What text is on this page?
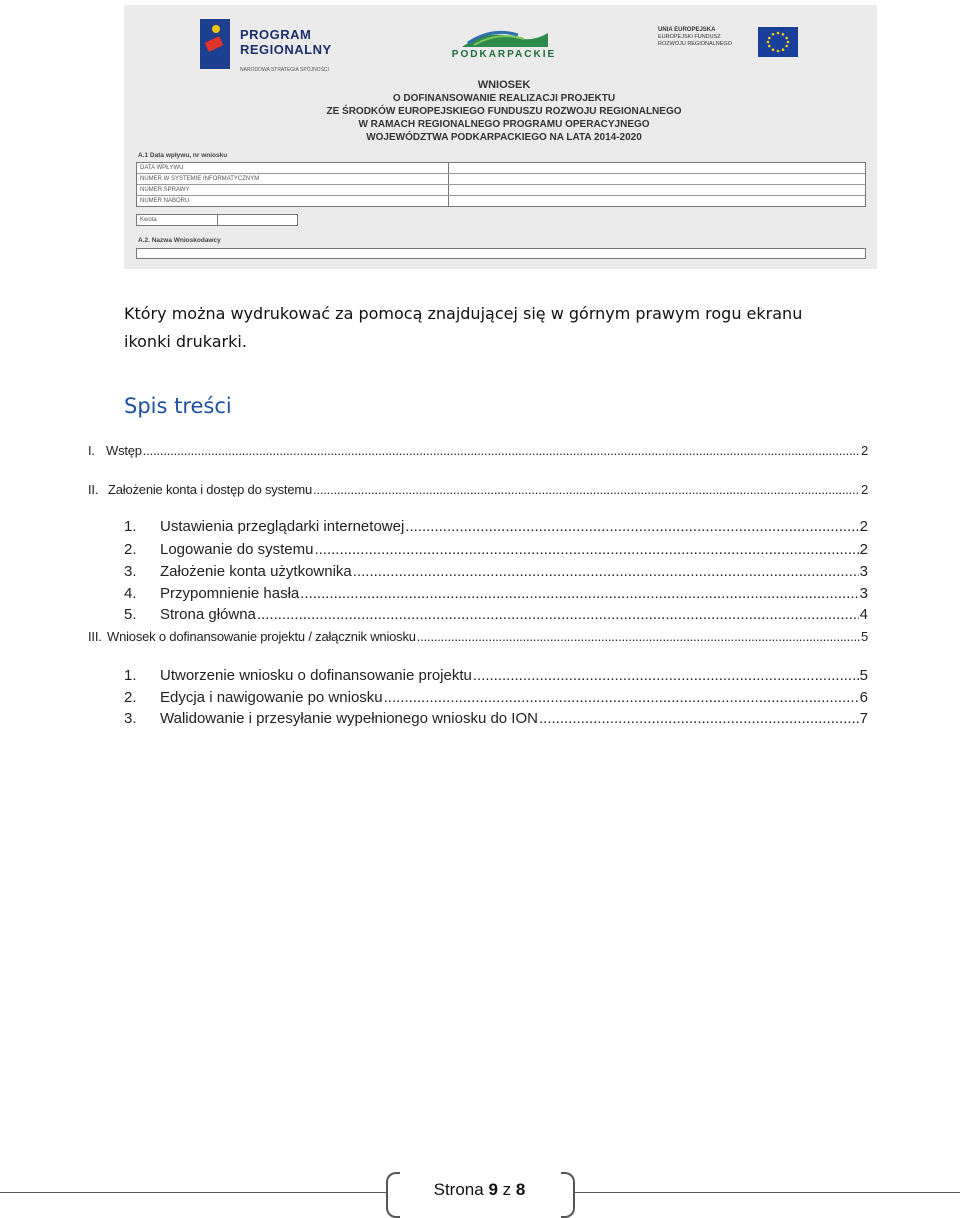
PROGRAM
REGIONALNY
NARODOWA STRATEGIA SPÓJNOŚCI
PODKARPACKIE
UNIA EUROPEJSKA
EUROPEJSKI FUNDUSZ
ROZWOJU REGIONALNEGO
WNIOSEK
O DOFINANSOWANIE REALIZACJI PROJEKTU
ZE ŚRODKÓW EUROPEJSKIEGO FUNDUSZU ROZWOJU REGIONALNEGO
W RAMACH REGIONALNEGO PROGRAMU OPERACYJNEGO
WOJEWÓDZTWA PODKARPACKIEGO NA LATA 2014-2020
A.1 Data wpływu, nr wniosku
DATA WPŁYWU
NUMER W SYSTEMIE INFORMATYCZNYM
NUMER SPRAWY
NUMER NABORU
Kwota
A.2. Nazwa Wnioskodawcy
Który można wydrukować za pomocą znajdującej się w górnym prawym rogu ekranu ikonki drukarki.
Spis treści
I. Wstęp .....	2
II. Założenie konta i dostęp do systemu .....	2
1.	Ustawienia przeglądarki internetowej .....	2
2.	Logowanie do systemu .....	2
3.	Założenie konta użytkownika .....	3
4.	Przypomnienie hasła .....	3
5.	Strona główna .....	4
III. Wniosek o dofinansowanie projektu / załącznik wniosku .....	5
1.	Utworzenie wniosku o dofinansowanie projektu .....	5
2.	Edycja i nawigowanie po wniosku .....	6
3.	Walidowanie i przesyłanie wypełnionego wniosku do ION .....	7
Strona 9 z 8
